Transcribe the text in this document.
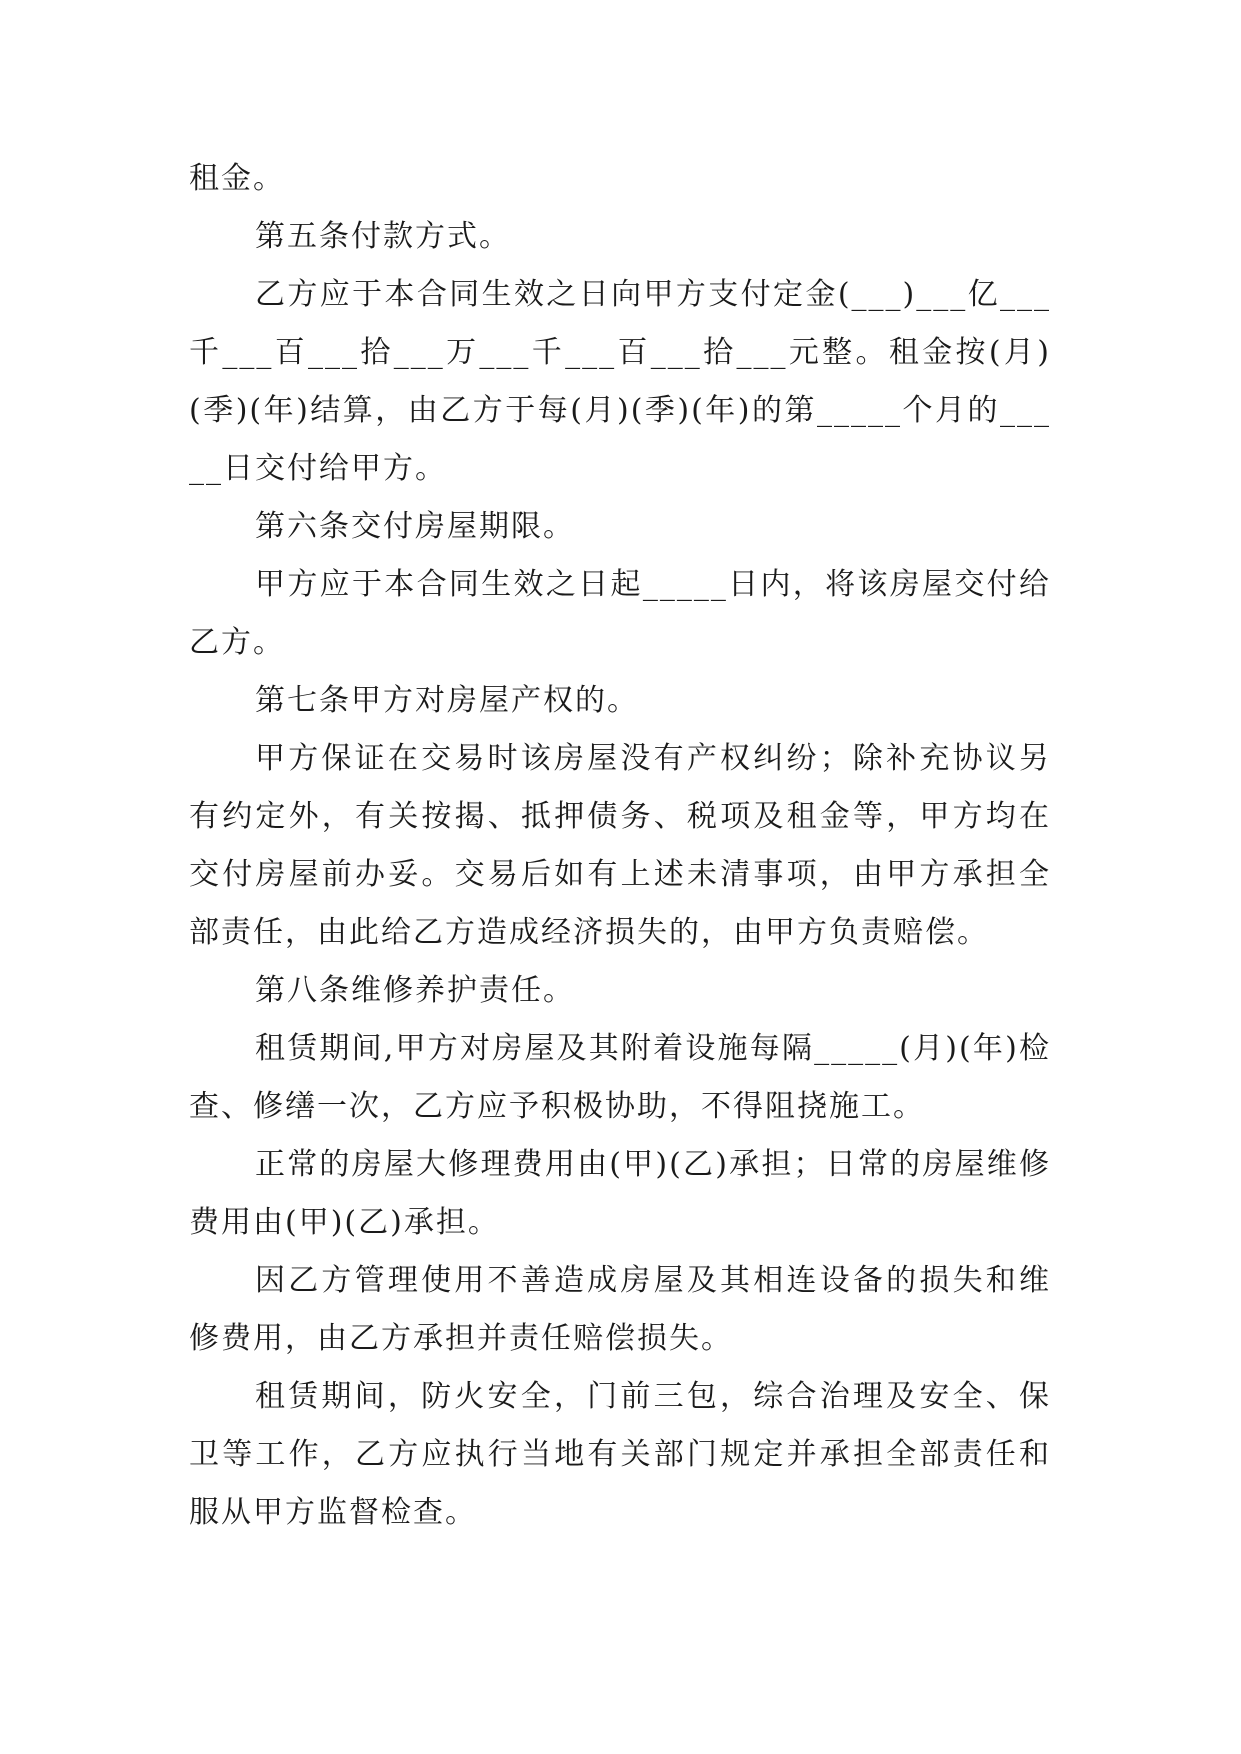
租金。

第五条付款方式。

乙方应于本合同生效之日向甲方支付定金(___)___亿___千___百___拾___万___千___百___拾___元整。租金按(月)(季)(年)结算，由乙方于每(月)(季)(年)的第_____个月的_____日交付给甲方。

第六条交付房屋期限。

甲方应于本合同生效之日起_____日内，将该房屋交付给乙方。

第七条甲方对房屋产权的。

甲方保证在交易时该房屋没有产权纠纷；除补充协议另有约定外，有关按揭、抵押债务、税项及租金等，甲方均在交付房屋前办妥。交易后如有上述未清事项，由甲方承担全部责任，由此给乙方造成经济损失的，由甲方负责赔偿。

第八条维修养护责任。

租赁期间,甲方对房屋及其附着设施每隔_____(月)(年)检查、修缮一次，乙方应予积极协助，不得阻挠施工。

正常的房屋大修理费用由(甲)(乙)承担；日常的房屋维修费用由(甲)(乙)承担。

因乙方管理使用不善造成房屋及其相连设备的损失和维修费用，由乙方承担并责任赔偿损失。

租赁期间，防火安全，门前三包，综合治理及安全、保卫等工作，乙方应执行当地有关部门规定并承担全部责任和服从甲方监督检查。
